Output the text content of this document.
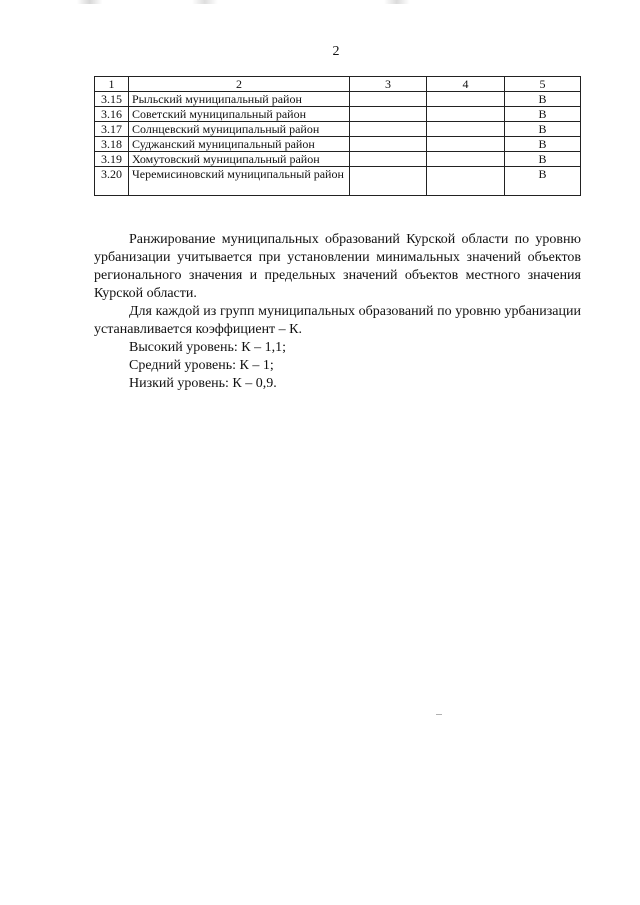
2
1	2	3	4	5
3.15	Рыльский муниципальный район			В
3.16	Советский муниципальный район			В
3.17	Солнцевский муниципальный район			В
3.18	Суджанский муниципальный район			В
3.19	Хомутовский муниципальный район			В
3.20	Черемисиновский муниципальный район			В

Ранжирование муниципальных образований Курской области по уровню урбанизации учитывается при установлении минимальных значений объектов регионального значения и предельных значений объектов местного значения Курской области.

Для каждой из групп муниципальных образований по уровню урбанизации устанавливается коэффициент – К.

Высокий уровень: К – 1,1;

Средний уровень: К – 1;

Низкий уровень: К – 0,9.
